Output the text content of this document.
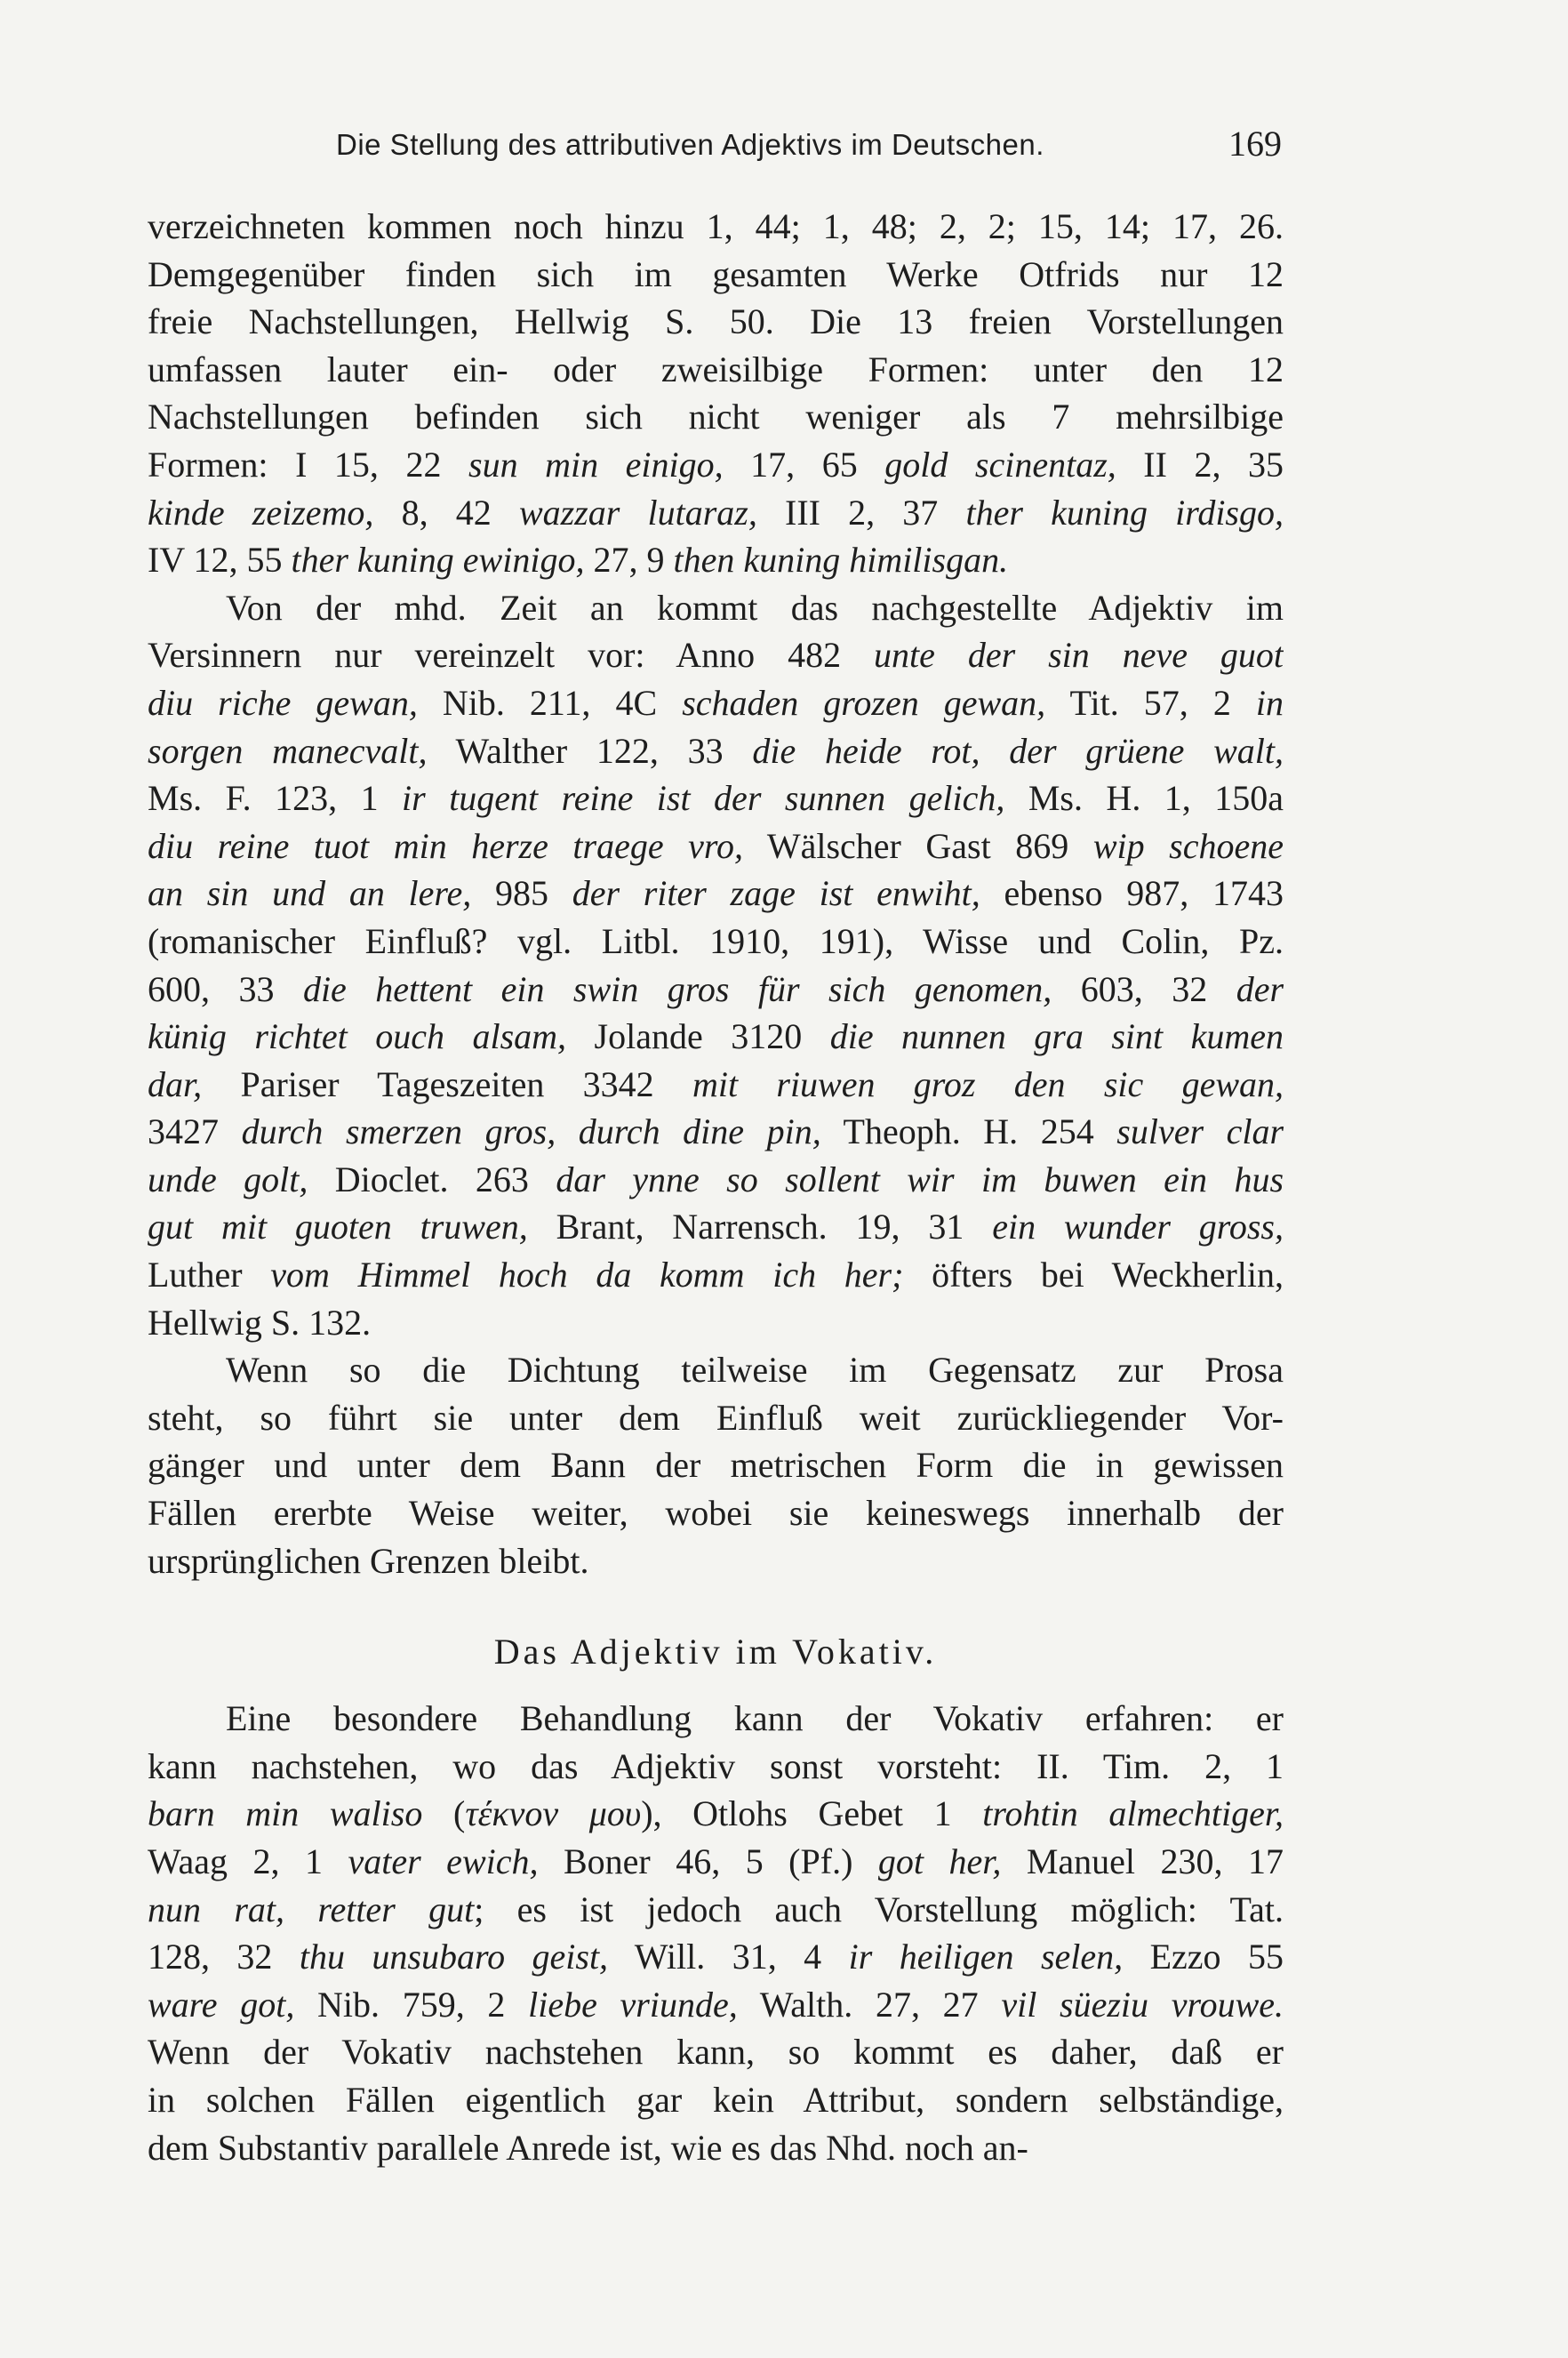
Die Stellung des attributiven Adjektivs im Deutschen.	169
verzeichneten kommen noch hinzu 1, 44; 1, 48; 2, 2; 15, 14; 17, 26.
Demgegenüber finden sich im gesamten Werke Otfrids nur 12
freie Nachstellungen, Hellwig S. 50. Die 13 freien Vorstellungen
umfassen lauter ein- oder zweisilbige Formen: unter den 12
Nachstellungen befinden sich nicht weniger als 7 mehrsilbige
Formen: I 15, 22 sun min einigo, 17, 65 gold scinentaz, II 2, 35
kinde zeizemo, 8, 42 wazzar lutaraz, III 2, 37 ther kuning irdisgo,
IV 12, 55 ther kuning ewinigo, 27, 9 then kuning himilisgan.
Von der mhd. Zeit an kommt das nachgestellte Adjektiv im
Versinnern nur vereinzelt vor: Anno 482 unte der sin neve guot
diu riche gewan, Nib. 211, 4C schaden grozen gewan, Tit. 57, 2 in
sorgen manecvalt, Walther 122, 33 die heide rot, der grüene walt,
Ms. F. 123, 1 ir tugent reine ist der sunnen gelich, Ms. H. 1, 150a
diu reine tuot min herze traege vro, Wälscher Gast 869 wip schoene
an sin und an lere, 985 der riter zage ist enwiht, ebenso 987, 1743
(romanischer Einfluß? vgl. Litbl. 1910, 191), Wisse und Colin, Pz.
600, 33 die hettent ein swin gros für sich genomen, 603, 32 der
künig richtet ouch alsam, Jolande 3120 die nunnen gra sint kumen
dar, Pariser Tageszeiten 3342 mit riuwen groz den sic gewan,
3427 durch smerzen gros, durch dine pin, Theoph. H. 254 sulver clar
unde golt, Dioclet. 263 dar ynne so sollent wir im buwen ein hus
gut mit guoten truwen, Brant, Narrensch. 19, 31 ein wunder gross,
Luther vom Himmel hoch da komm ich her; öfters bei Weckherlin,
Hellwig S. 132.
Wenn so die Dichtung teilweise im Gegensatz zur Prosa
steht, so führt sie unter dem Einfluß weit zurückliegender Vor-
gänger und unter dem Bann der metrischen Form die in gewissen
Fällen ererbte Weise weiter, wobei sie keineswegs innerhalb der
ursprünglichen Grenzen bleibt.
Das Adjektiv im Vokativ.
Eine besondere Behandlung kann der Vokativ erfahren: er
kann nachstehen, wo das Adjektiv sonst vorsteht: II. Tim. 2, 1
barn min waliso (τέκνον μου), Otlohs Gebet 1 trohtin almechtiger,
Waag 2, 1 vater ewich, Boner 46, 5 (Pf.) got her, Manuel 230, 17
nun rat, retter gut; es ist jedoch auch Vorstellung möglich: Tat.
128, 32 thu unsubaro geist, Will. 31, 4 ir heiligen selen, Ezzo 55
ware got, Nib. 759, 2 liebe vriunde, Walth. 27, 27 vil süeziu vrouwe.
Wenn der Vokativ nachstehen kann, so kommt es daher, daß er
in solchen Fällen eigentlich gar kein Attribut, sondern selbständige,
dem Substantiv parallele Anrede ist, wie es das Nhd. noch an-
